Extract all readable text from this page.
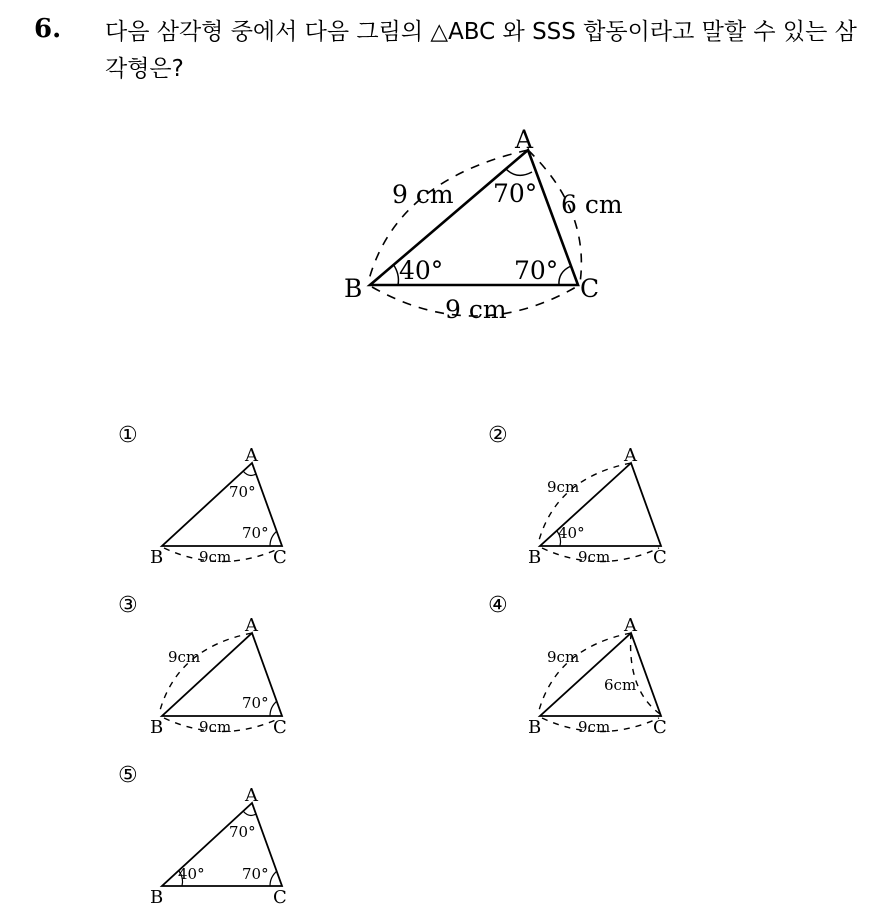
6. 다음 삼각형 중에서 다음 그림의 △ABC 와 SSS 합동이라고 말할 수 있는 삼각형은?
A
B	C
9 cm	6 cm
9 cm
70°
40°	70°
①
A
B	C
9cm
70°
70°
②
A
B	C
9cm
9cm
40°
③
A
B	C
9cm
9cm
70°
④
A
B	C
9cm
6cm
9cm
⑤
A
B	C
70°
40° 70°
